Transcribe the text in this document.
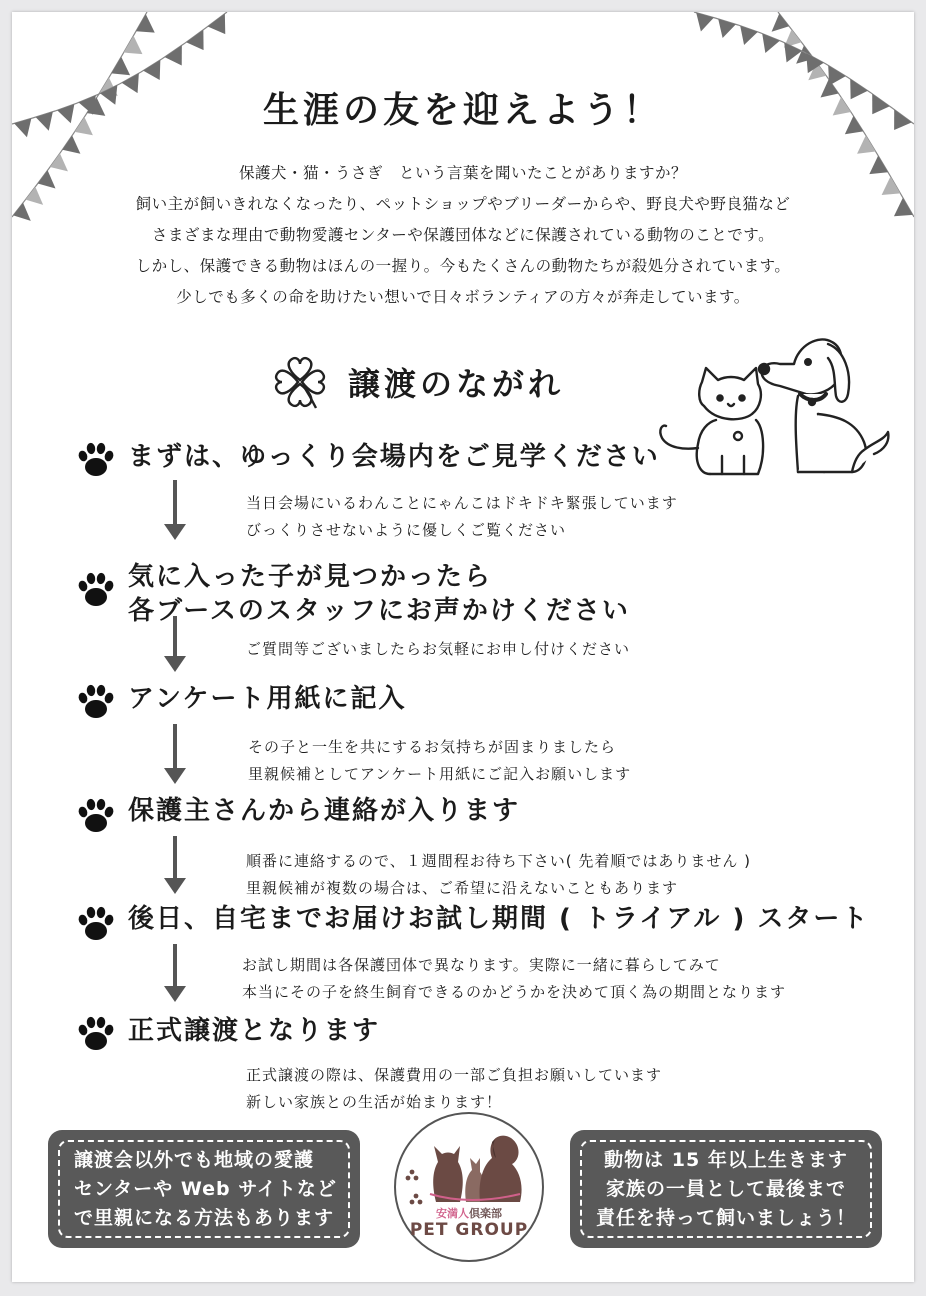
生涯の友を迎えよう！
保護犬・猫・うさぎ　という言葉を聞いたことがありますか？
飼い主が飼いきれなくなったり、ペットショップやブリーダーからや、野良犬や野良猫など
さまざまな理由で動物愛護センターや保護団体などに保護されている動物のことです。
しかし、保護できる動物はほんの一握り。今もたくさんの動物たちが殺処分されています。
少しでも多くの命を助けたい想いで日々ボランティアの方々が奔走しています。
譲渡のながれ
まずは、ゆっくり会場内をご見学ください
当日会場にいるわんことにゃんこはドキドキ緊張しています
びっくりさせないように優しくご覧ください
気に入った子が見つかったら
各ブースのスタッフにお声かけください
ご質問等ございましたらお気軽にお申し付けください
アンケート用紙に記入
その子と一生を共にするお気持ちが固まりましたら
里親候補としてアンケート用紙にご記入お願いします
保護主さんから連絡が入ります
順番に連絡するので、１週間程お待ち下さい( 先着順ではありません )
里親候補が複数の場合は、ご希望に沿えないこともあります
後日、自宅までお届けお試し期間 ( トライアル ) スタート
お試し期間は各保護団体で異なります。実際に一緒に暮らしてみて
本当にその子を終生飼育できるのかどうかを決めて頂く為の期間となります
正式譲渡となります
正式譲渡の際は、保護費用の一部ご負担お願いしています
新しい家族との生活が始まります！
譲渡会以外でも地域の愛護
センターや Web サイトなど
で里親になる方法もあります	安満人倶楽部
PET GROUP
動物は 15 年以上生きます
家族の一員として最後まで
責任を持って飼いましょう！
